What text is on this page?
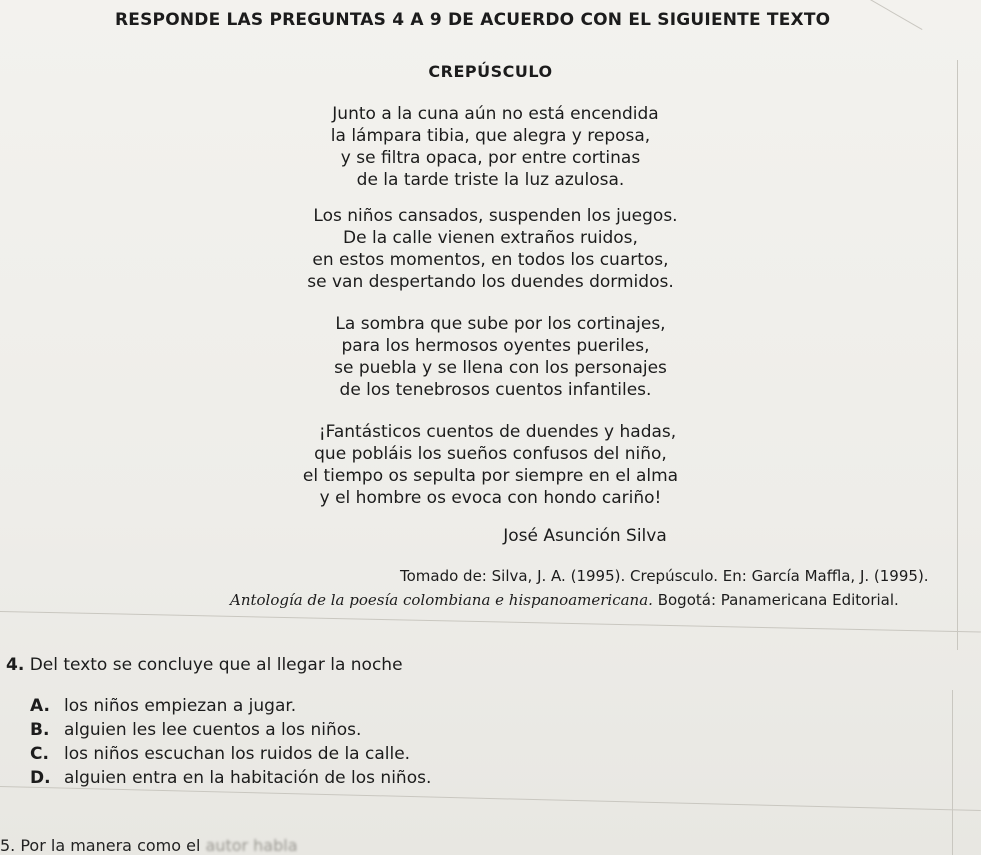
RESPONDE LAS PREGUNTAS 4 A 9 DE ACUERDO CON EL SIGUIENTE TEXTO
CREPÚSCULO
Junto a la cuna aún no está encendida
la lámpara tibia, que alegra y reposa,
y se filtra opaca, por entre cortinas
de la tarde triste la luz azulosa.
Los niños cansados, suspenden los juegos.
De la calle vienen extraños ruidos,
en estos momentos, en todos los cuartos,
se van despertando los duendes dormidos.
La sombra que sube por los cortinajes,
para los hermosos oyentes pueriles,
se puebla y se llena con los personajes
de los tenebrosos cuentos infantiles.
¡Fantásticos cuentos de duendes y hadas,
que pobláis los sueños confusos del niño,
el tiempo os sepulta por siempre en el alma
y el hombre os evoca con hondo cariño!
José Asunción Silva
Tomado de: Silva, J. A. (1995). Crepúsculo. En: García Maffla, J. (1995).
Antología de la poesía colombiana e hispanoamericana. Bogotá: Panamericana Editorial.
4. Del texto se concluye que al llegar la noche
A. los niños empiezan a jugar.
B. alguien les lee cuentos a los niños.
C. los niños escuchan los ruidos de la calle.
D. alguien entra en la habitación de los niños.
5. Por la manera como el autor habla
